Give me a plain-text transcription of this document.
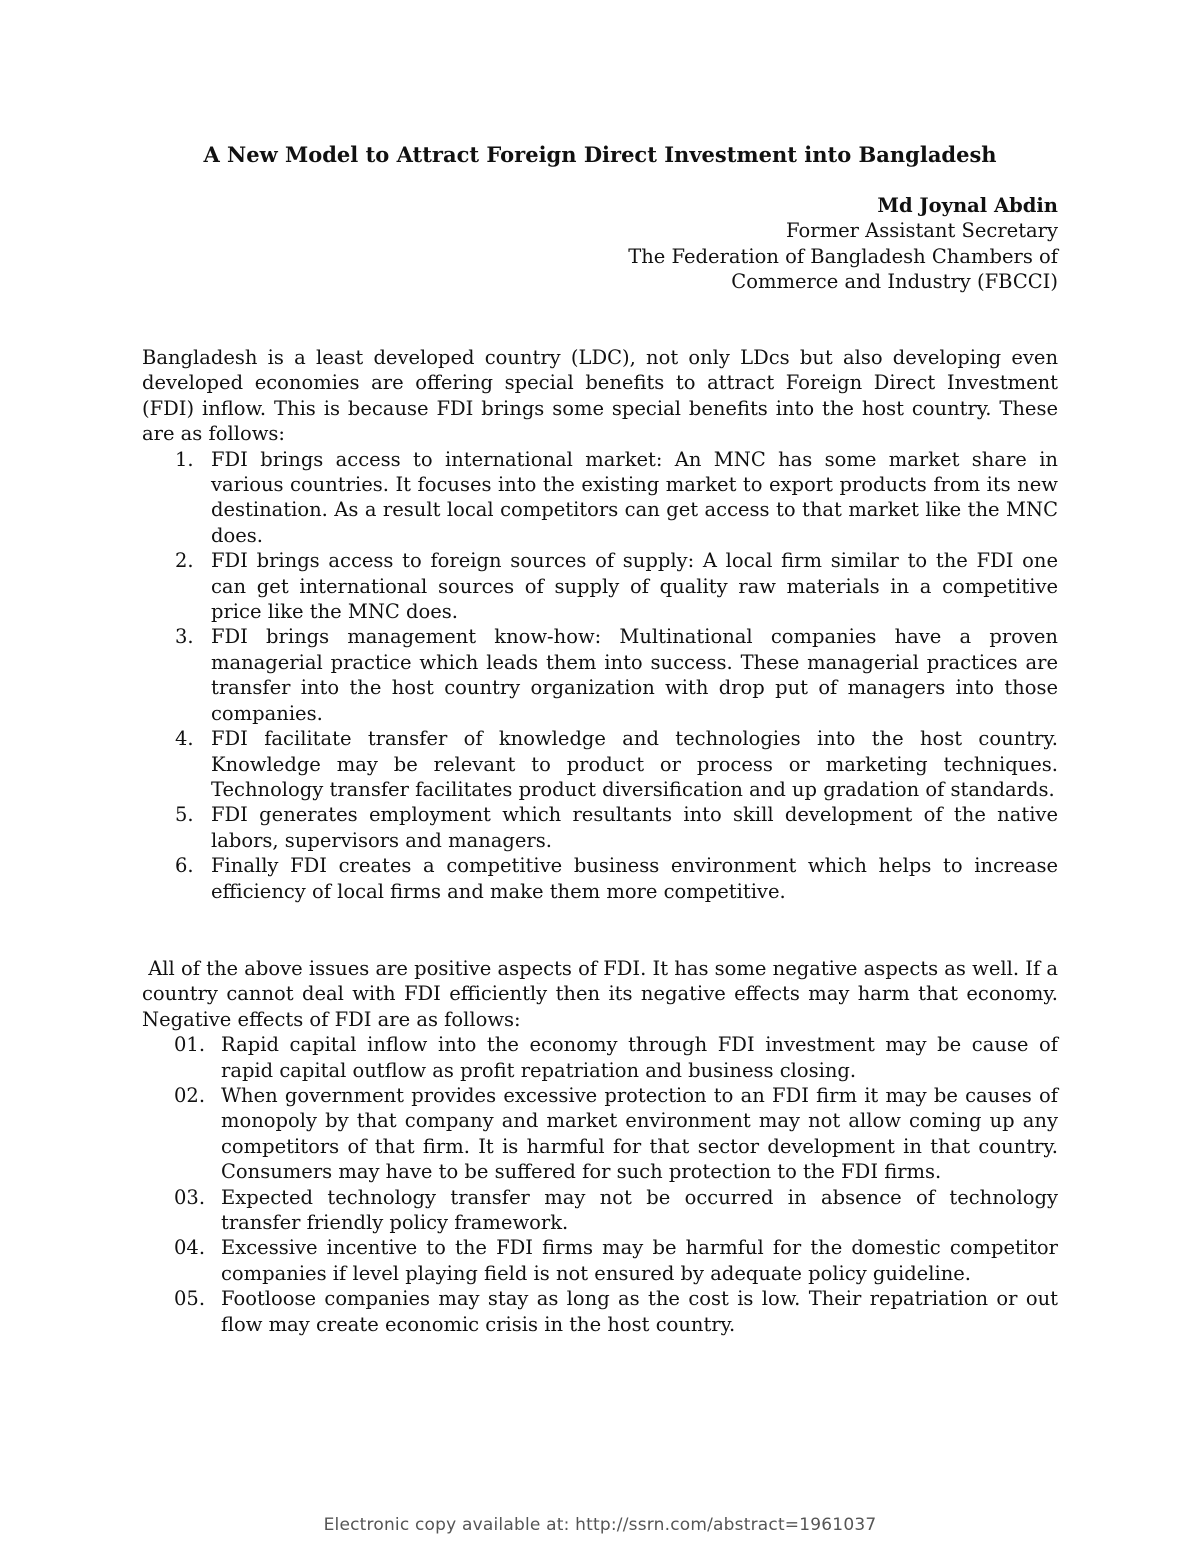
A New Model to Attract Foreign Direct Investment into Bangladesh
Md Joynal Abdin
Former Assistant Secretary
The Federation of Bangladesh Chambers of
Commerce and Industry (FBCCI)
Bangladesh is a least developed country (LDC), not only LDcs but also developing even developed economies are offering special benefits to attract Foreign Direct Investment (FDI) inflow. This is because FDI brings some special benefits into the host country. These are as follows:
1. FDI brings access to international market: An MNC has some market share in various countries. It focuses into the existing market to export products from its new destination. As a result local competitors can get access to that market like the MNC does.
2. FDI brings access to foreign sources of supply: A local firm similar to the FDI one can get international sources of supply of quality raw materials in a competitive price like the MNC does.
3. FDI brings management know-how: Multinational companies have a proven managerial practice which leads them into success. These managerial practices are transfer into the host country organization with drop put of managers into those companies.
4. FDI facilitate transfer of knowledge and technologies into the host country. Knowledge may be relevant to product or process or marketing techniques. Technology transfer facilitates product diversification and up gradation of standards.
5. FDI generates employment which resultants into skill development of the native labors, supervisors and managers.
6. Finally FDI creates a competitive business environment which helps to increase efficiency of local firms and make them more competitive.
All of the above issues are positive aspects of FDI. It has some negative aspects as well. If a country cannot deal with FDI efficiently then its negative effects may harm that economy. Negative effects of FDI are as follows:
01. Rapid capital inflow into the economy through FDI investment may be cause of rapid capital outflow as profit repatriation and business closing.
02. When government provides excessive protection to an FDI firm it may be causes of monopoly by that company and market environment may not allow coming up any competitors of that firm. It is harmful for that sector development in that country. Consumers may have to be suffered for such protection to the FDI firms.
03. Expected technology transfer may not be occurred in absence of technology transfer friendly policy framework.
04. Excessive incentive to the FDI firms may be harmful for the domestic competitor companies if level playing field is not ensured by adequate policy guideline.
05. Footloose companies may stay as long as the cost is low. Their repatriation or out flow may create economic crisis in the host country.
Electronic copy available at: http://ssrn.com/abstract=1961037
